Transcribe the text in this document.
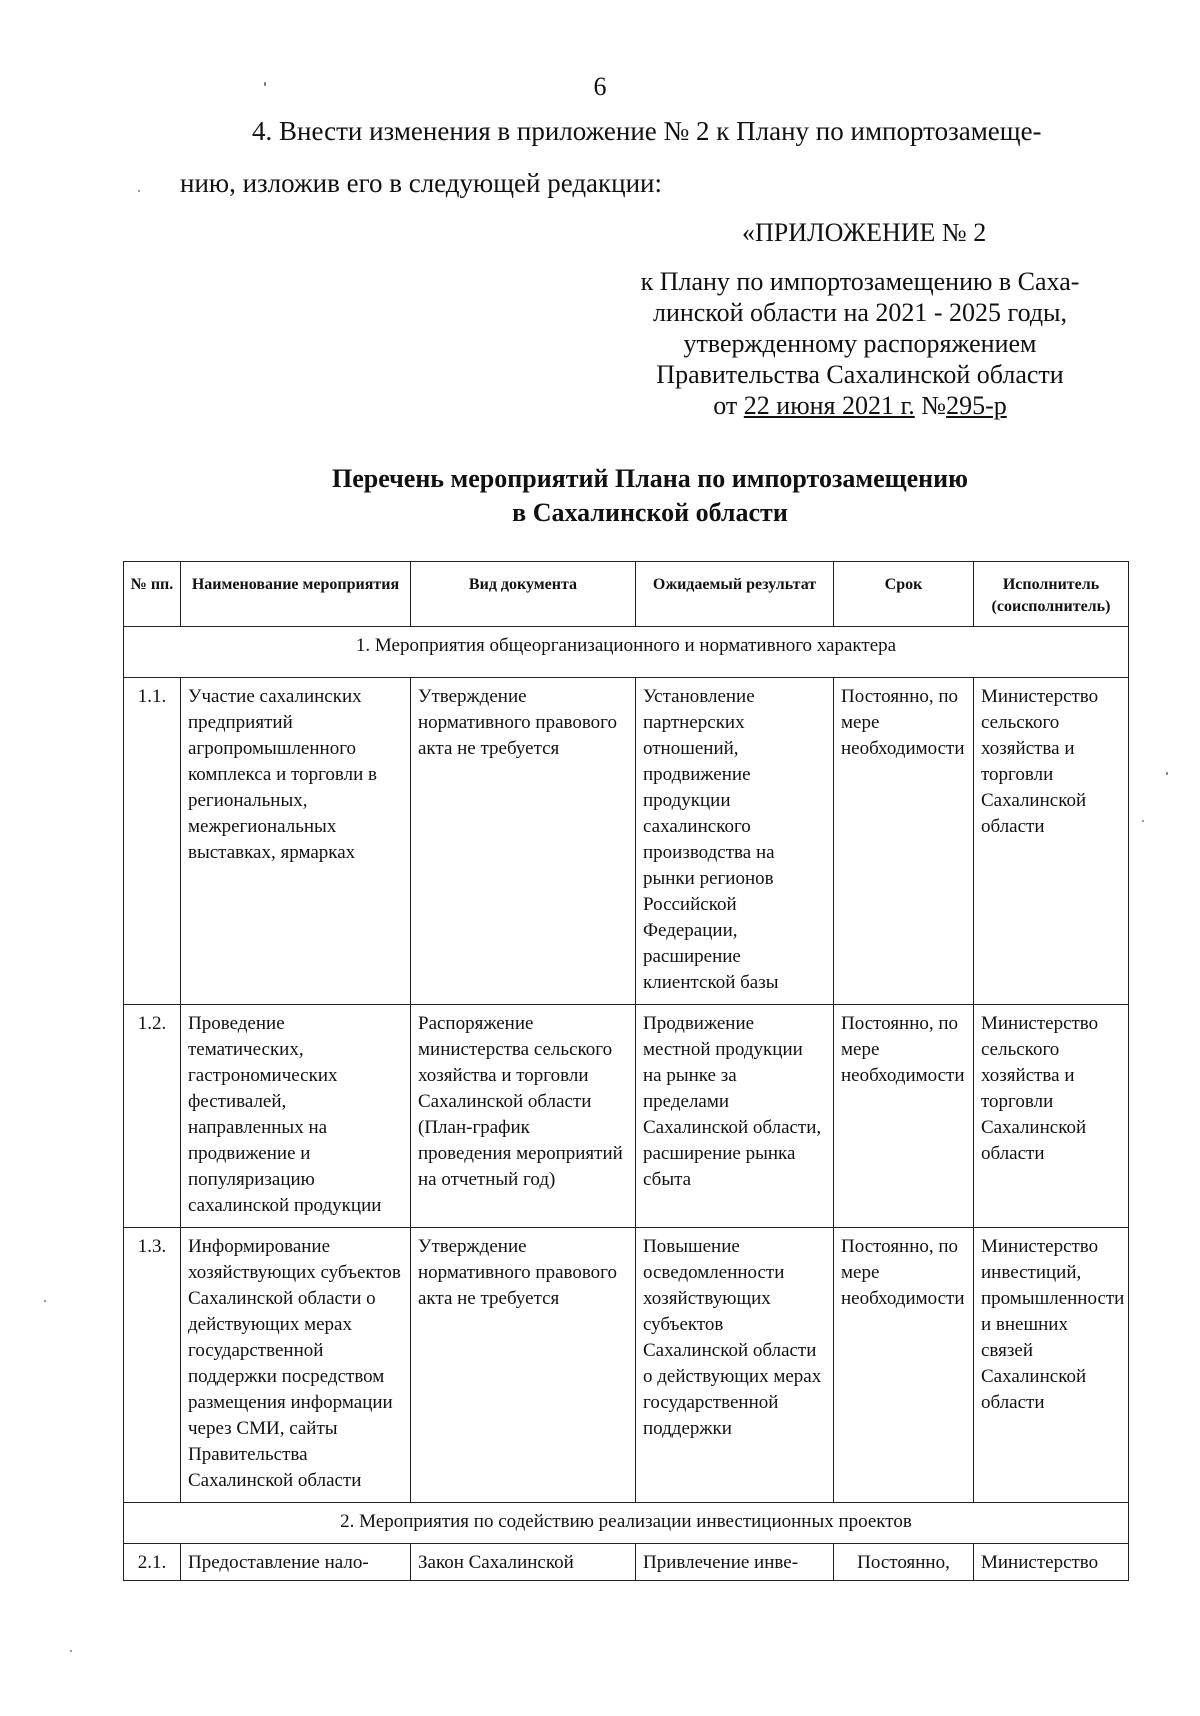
6
4. Внести изменения в приложение № 2 к Плану по импортозамеще-
нию, изложив его в следующей редакции:
«ПРИЛОЖЕНИЕ № 2
к Плану по импортозамещению в Саха-
линской области на 2021 - 2025 годы,
утвержденному распоряжением
Правительства Сахалинской области
от 22 июня 2021 г. №295-р
Перечень мероприятий Плана по импортозамещению
в Сахалинской области
№ пп.	Наименование мероприятия	Вид документа	Ожидаемый результат	Срок	Исполнитель (соисполнитель)
1. Мероприятия общеорганизационного и нормативного характера					
1.1.	Участие сахалинских предприятий агропромышленного комплекса и торговли в региональных, межрегиональных выставках, ярмарках	Утверждение нормативного правового акта не требуется	Установление партнерских отношений, продвижение продукции сахалинского производства на рынки регионов Российской Федерации, расширение клиентской базы	Постоянно, по мере необходимости	Министерство сельского хозяйства и торговли Сахалинской области
1.2.	Проведение тематических, гастрономических фестивалей, направленных на продвижение и популяризацию сахалинской продукции	Распоряжение министерства сельского хозяйства и торговли Сахалинской области (План-график проведения мероприятий на отчетный год)	Продвижение местной продукции на рынке за пределами Сахалинской области, расширение рынка сбыта	Постоянно, по мере необходимости	Министерство сельского хозяйства и торговли Сахалинской области
1.3.	Информирование хозяйствующих субъектов Сахалинской области о действующих мерах государственной поддержки посредством размещения информации через СМИ, сайты Правительства Сахалинской области	Утверждение нормативного правового акта не требуется	Повышение осведомленности хозяйствующих субъектов Сахалинской области о действующих мерах государственной поддержки	Постоянно, по мере необходимости	Министерство инвестиций, промышленности и внешних связей Сахалинской области
2. Мероприятия по содействию реализации инвестиционных проектов					
2.1.	Предоставление нало-	Закон Сахалинской	Привлечение инве-	Постоянно,	Министерство
